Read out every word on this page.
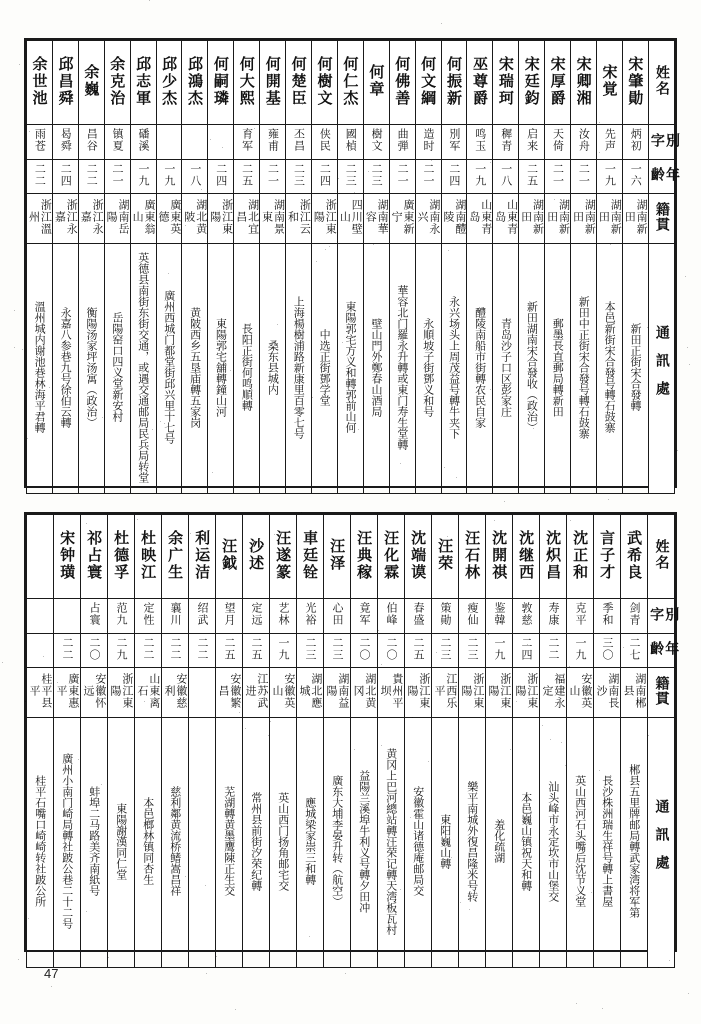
余世池	邱昌舜	余巍	余克治	邱志軍	邱少杰	邱鴻杰	何嗣璘	何大熙	何開基	何楚臣	何樹文	何仁杰	何章	何佛善	何文綱	何振新	巫尊爵	宋瑞珂	宋廷鈞	宋厚爵	宋卿湘	宋覚	宋肇勛	姓名
雨苍	曷舜	昌谷	镇夏	磻溪				育军	雍甫	丕昌	侠民	國楨	樹文	曲弾	造时	別军	鸣玉	穉青	启来	天倚	汝舟	先声	炳初	別字
二二	二四	二二	二一	一九	一九	一八	二四	二五	二一	二三	二四	二三	二三	二一	二一	二四	一九	一八	二五	二一	二一	一九	一六	年齡
浙江溫州	浙江永嘉	浙江永嘉	湖南岳陽	廣東翁山	廣東英德	湖北黄陂	浙江東陽	湖北宜昌	湖南景東	浙江云和	浙江東陽	四川壁山	湖南華容	廣東新宁	湖南永兴	湖南醴陵	山東青岛	山東青岛	湖南新田	湖南新田	湖南新田	湖南新田	湖南新田	籍貫
溫州城内谢池巷林海平君轉	永嘉八参巷九号徐伯云轉	衡陽汤家坪汤寓（政治）	岳陽窑口四义堂新安村	英德县南街东街交通，或遇交通邮局民兵局转堂	廣州西城门都堂街邱兴里十七号	黄陂西乡五垦庙轉五家岗	東陽郭宅舖轉鐘山河	長阳正街何鸣順轉	桑东县城内	上海楊樹浦路新康里百零七号	中选正街鄧学堂	東陽郭宅方义和轉郭前山何	壁山門外鄭春山酒局	華容北门羅永升轉或東门寿生堂轉	永順坡子街鄧义和号	永兴场头上周茂益号轉牛夹下	醴陵南船市街轉农民自家	青岛沙子口区彭家庄	新田湖南宋合發收（政治）	郵墨長直郵局轉新田	新田中正街宋合發号轉石鼓寨	本邑新街宋合發号轉石鼓寨	新田正街宋合發轉	通訊處
	宋钟璜	祁占寰	杜德孚	杜映江	余广生	利运洁	汪鉞	沙述	汪遂篆	車廷铨	汪泽	汪典稼	汪化霖	沈端谟	汪荣	汪石林	沈開祺	沈继西	沈炽昌	沈正和	言子才	武希良	姓名
		占寰	范九	定性	襄川	绍武	望月	定远	艺林	光裕	心田	竟军	伯峰	春盛	策勛	瘦仙	鉴韓	敦慈	寿康	克平	季和	剑青	別字
	二二	二〇	二九	二二	二二	二二	二五	二五	一九	二三	二三	二〇	二〇	二五	二三	二三	一九	二四	二二	一九	三〇	二七	年齡
桂平县平	廣東惠平	安徽怀远	浙江東陽	山東离石	安徽慈利		安徽繁昌	江苏武进	安徽英山	湖北應城	湖南益陽	湖北黄冈	貴州平坝	浙江東陽	江西乐平	浙江東陽	浙江東陽	浙江東陽	福建永定	安徽英山	湖南長沙	湖南郴县	籍貫
桂平石嘴口崎崎转社跛公所	廣州小南门崎局轉社跛公巷二十二号	蚌埠二马路美齐南紙号	東陽謝漢同仁堂	本邑榔林镇同杏生	慈利鄰黄流桥鳍嵩昌祥		芜湖轉黄墨鹰陳正生交	常州县前街汐荣纪轉	英山西门扬角邮宅交	應城梁家崇三和轉	廣东大埔李晏升转（航空）	益陽兰溪埠牛利义号轉夕田冲	黄冈上巴河總站轉汪荣记轉天湾板瓦村	安徽霍山诸德庵邮局交	東阳巍山轉	樂平南城外復昌隆米号转	羞化疏湖	本邑巍山镇祝天和轉	汕头峰市永定坎市山堡交	英山西河石头嘴后沈节义堂	長沙株洲瑞生祥号轉上書屋	郴县五里牌邮局轉武家湾将军第	通訊處
47
